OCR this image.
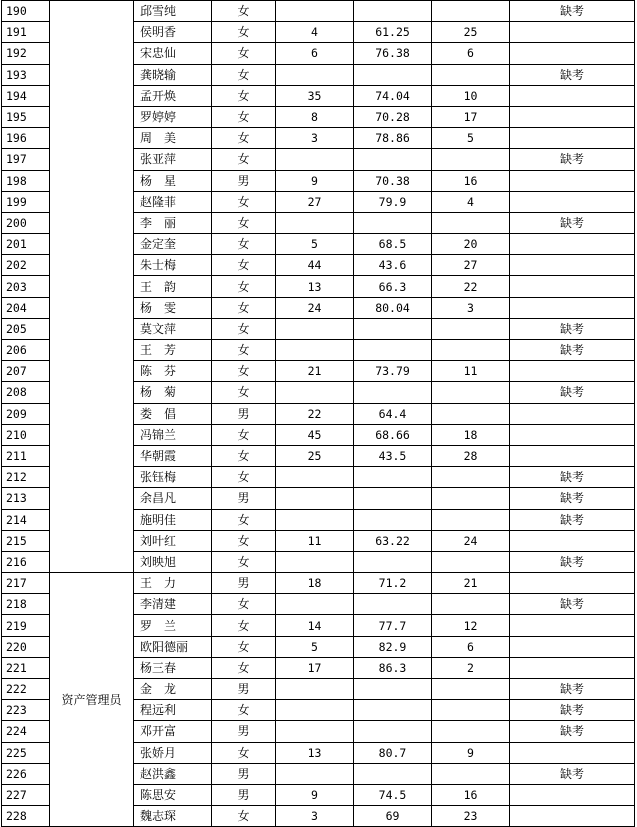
190		邱雪纯	女				缺考
191		侯明香	女	4	61.25	25	
192		宋忠仙	女	6	76.38	6	
193		龚晓输	女				缺考
194		孟开焕	女	35	74.04	10	
195		罗婷婷	女	8	70.28	17	
196		周　美	女	3	78.86	5	
197		张亚萍	女				缺考
198		杨　星	男	9	70.38	16	
199		赵隆菲	女	27	79.9	4	
200		李　丽	女				缺考
201		金定奎	女	5	68.5	20	
202		朱士梅	女	44	43.6	27	
203		王　韵	女	13	66.3	22	
204		杨　雯	女	24	80.04	3	
205		莫文萍	女				缺考
206		王　芳	女				缺考
207		陈　芬	女	21	73.79	11	
208		杨　菊	女				缺考
209		娄　倡	男	22	64.4		
210		冯锦兰	女	45	68.66	18	
211		华朝霞	女	25	43.5	28	
212		张钰梅	女				缺考
213		余昌凡	男				缺考
214		施明佳	女				缺考
215		刘叶红	女	11	63.22	24	
216		刘映旭	女				缺考
217	资产管理员	王　力	男	18	71.2	21	
218		李清建	女				缺考
219		罗　兰	女	14	77.7	12	
220		欧阳德丽	女	5	82.9	6	
221		杨三春	女	17	86.3	2	
222		金　龙	男				缺考
223		程远利	女				缺考
224		邓开富	男				缺考
225		张娇月	女	13	80.7	9	
226		赵洪鑫	男				缺考
227		陈思安	男	9	74.5	16	
228		魏志琛	女	3	69	23	
